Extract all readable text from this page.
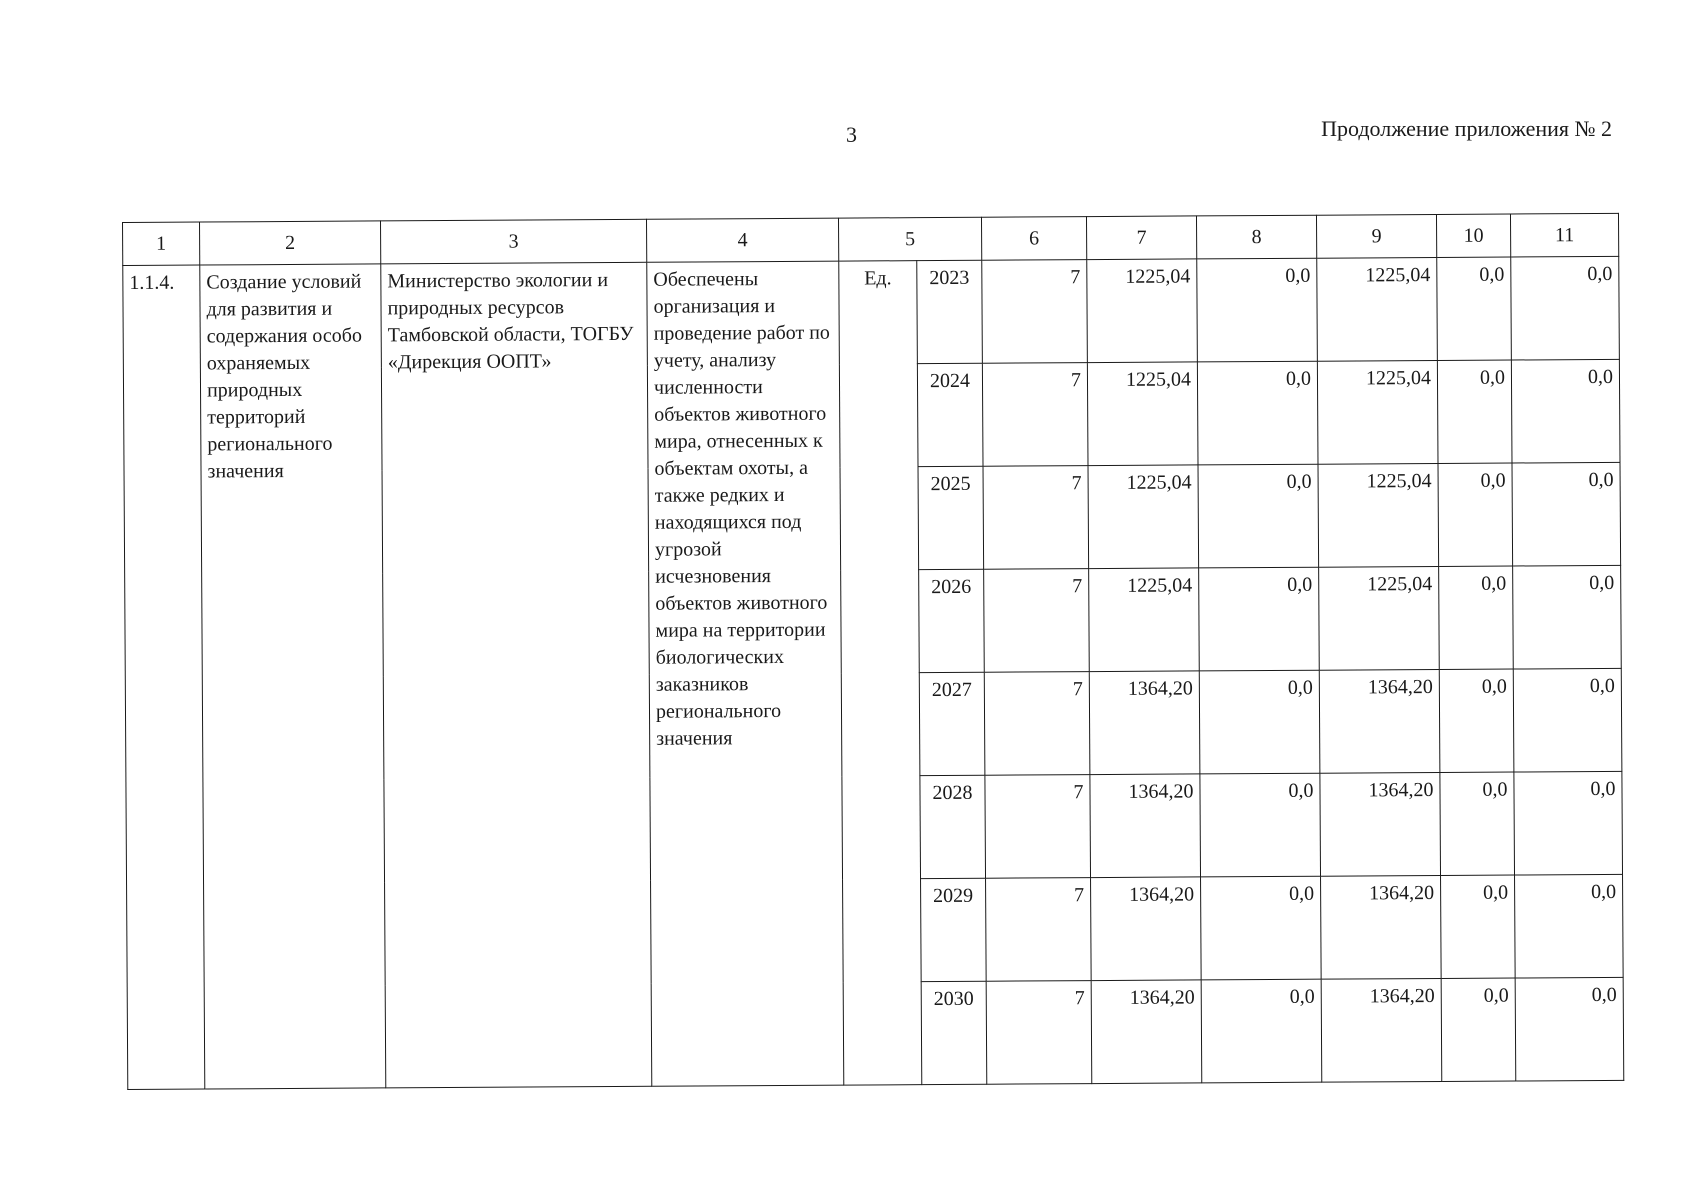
3	Продолжение приложения № 2
1	2	3	4	5		6	7	8	9	10	11
1.1.4.	Создание условий для развития и содержания особо охраняемых природных территорий регионального значения	Министерство экологии и природных ресурсов Тамбовской области, ТОГБУ «Дирекция ООПТ»	Обеспечены организация и проведение работ по учету, анализу численности объектов животного мира, отнесенных к объектам охоты, а также редких и находящихся под угрозой исчезновения объектов животного мира на территории биологических заказников регионального значения	Ед.	2023	7	1225,04	0,0	1225,04	0,0	0,0
					2024	7	1225,04	0,0	1225,04	0,0	0,0
					2025	7	1225,04	0,0	1225,04	0,0	0,0
					2026	7	1225,04	0,0	1225,04	0,0	0,0
					2027	7	1364,20	0,0	1364,20	0,0	0,0
					2028	7	1364,20	0,0	1364,20	0,0	0,0
					2029	7	1364,20	0,0	1364,20	0,0	0,0
					2030	7	1364,20	0,0	1364,20	0,0	0,0
